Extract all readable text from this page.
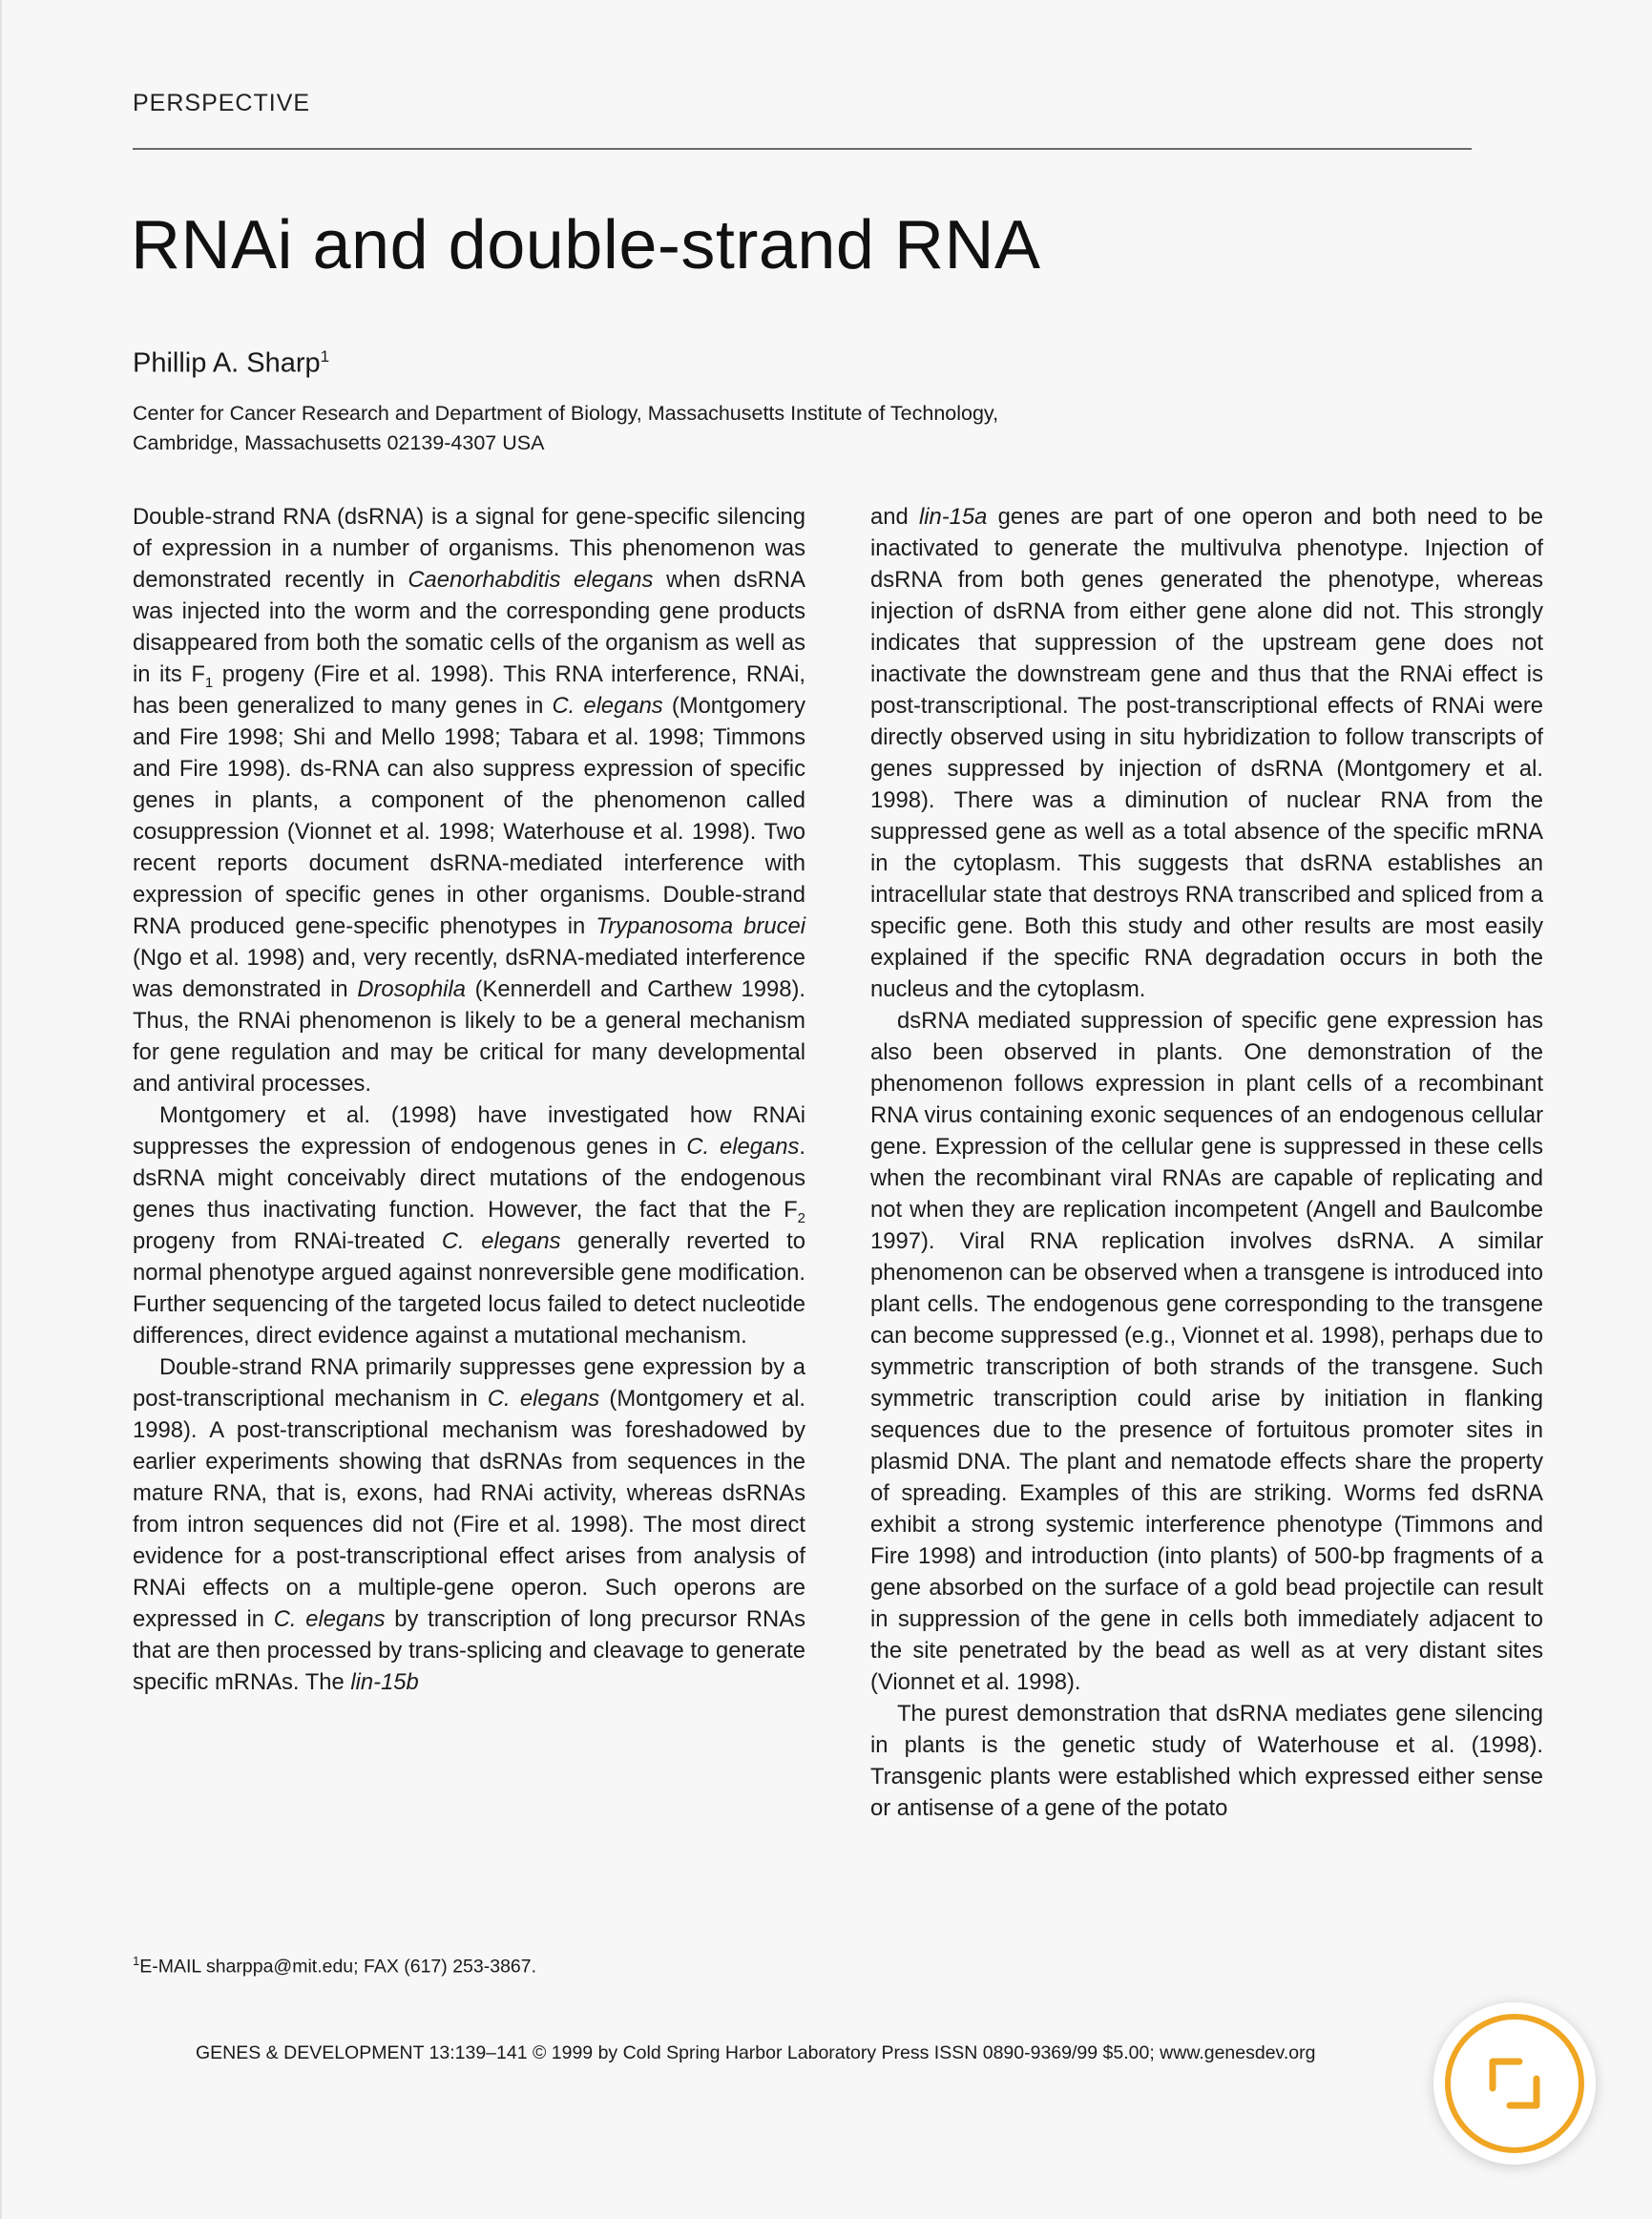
PERSPECTIVE
RNAi and double-strand RNA
Phillip A. Sharp$^1$
Center for Cancer Research and Department of Biology, Massachusetts Institute of Technology,
Cambridge, Massachusetts 02139-4307 USA

Double-strand RNA (dsRNA) is a signal for gene-specific silencing of expression in a number of organisms. This phenomenon was demonstrated recently in Caenorhabditis elegans when dsRNA was injected into the worm and the corresponding gene products disappeared from both the somatic cells of the organism as well as in its $F_1$ progeny (Fire et al. 1998). This RNA interference, RNAi, has been generalized to many genes in C. elegans (Montgomery and Fire 1998; Shi and Mello 1998; Tabara et al. 1998; Timmons and Fire 1998). ds-RNA can also suppress expression of specific genes in plants, a component of the phenomenon called cosuppression (Vionnet et al. 1998; Waterhouse et al. 1998). Two recent reports document dsRNA-mediated interference with expression of specific genes in other organisms. Double-strand RNA produced gene-specific phenotypes in Trypanosoma brucei (Ngo et al. 1998) and, very recently, dsRNA-mediated interference was demonstrated in Drosophila (Kennerdell and Carthew 1998). Thus, the RNAi phenomenon is likely to be a general mechanism for gene regulation and may be critical for many developmental and antiviral processes.

Montgomery et al. (1998) have investigated how RNAi suppresses the expression of endogenous genes in C. elegans. dsRNA might conceivably direct mutations of the endogenous genes thus inactivating function. However, the fact that the $F_2$ progeny from RNAi-treated C. elegans generally reverted to normal phenotype argued against nonreversible gene modification. Further sequencing of the targeted locus failed to detect nucleotide differences, direct evidence against a mutational mechanism.

Double-strand RNA primarily suppresses gene expression by a post-transcriptional mechanism in C. elegans (Montgomery et al. 1998). A post-transcriptional mechanism was foreshadowed by earlier experiments showing that dsRNAs from sequences in the mature RNA, that is, exons, had RNAi activity, whereas dsRNAs from intron sequences did not (Fire et al. 1998). The most direct evidence for a post-transcriptional effect arises from analysis of RNAi effects on a multiple-gene operon. Such operons are expressed in C. elegans by transcription of long precursor RNAs that are then processed by trans-splicing and cleavage to generate specific mRNAs. The lin-15b

and lin-15a genes are part of one operon and both need to be inactivated to generate the multivulva phenotype. Injection of dsRNA from both genes generated the phenotype, whereas injection of dsRNA from either gene alone did not. This strongly indicates that suppression of the upstream gene does not inactivate the downstream gene and thus that the RNAi effect is post-transcriptional. The post-transcriptional effects of RNAi were directly observed using in situ hybridization to follow transcripts of genes suppressed by injection of dsRNA (Montgomery et al. 1998). There was a diminution of nuclear RNA from the suppressed gene as well as a total absence of the specific mRNA in the cytoplasm. This suggests that dsRNA establishes an intracellular state that destroys RNA transcribed and spliced from a specific gene. Both this study and other results are most easily explained if the specific RNA degradation occurs in both the nucleus and the cytoplasm.

dsRNA mediated suppression of specific gene expression has also been observed in plants. One demonstration of the phenomenon follows expression in plant cells of a recombinant RNA virus containing exonic sequences of an endogenous cellular gene. Expression of the cellular gene is suppressed in these cells when the recombinant viral RNAs are capable of replicating and not when they are replication incompetent (Angell and Baulcombe 1997). Viral RNA replication involves dsRNA. A similar phenomenon can be observed when a transgene is introduced into plant cells. The endogenous gene corresponding to the transgene can become suppressed (e.g., Vionnet et al. 1998), perhaps due to symmetric transcription of both strands of the transgene. Such symmetric transcription could arise by initiation in flanking sequences due to the presence of fortuitous promoter sites in plasmid DNA. The plant and nematode effects share the property of spreading. Examples of this are striking. Worms fed dsRNA exhibit a strong systemic interference phenotype (Timmons and Fire 1998) and introduction (into plants) of 500-bp fragments of a gene absorbed on the surface of a gold bead projectile can result in suppression of the gene in cells both immediately adjacent to the site penetrated by the bead as well as at very distant sites (Vionnet et al. 1998).

The purest demonstration that dsRNA mediates gene silencing in plants is the genetic study of Waterhouse et al. (1998). Transgenic plants were established which expressed either sense or antisense of a gene of the potato

$^1$E-MAIL sharppa@mit.edu; FAX (617) 253-3867.
GENES & DEVELOPMENT 13:139–141 © 1999 by Cold Spring Harbor Laboratory Press ISSN 0890-9369/99 $5.00; www.genesdev.org
